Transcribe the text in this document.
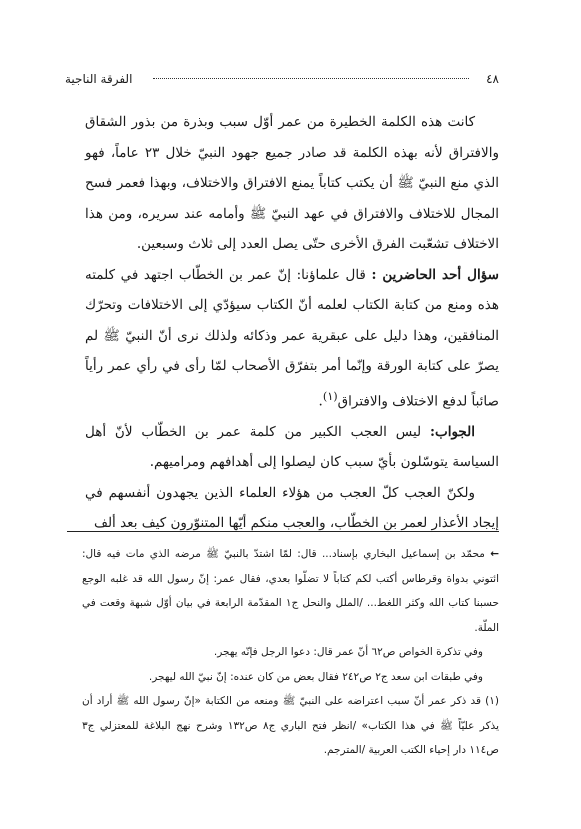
٤٨
الفرقة الناجية

كانت هذه الكلمة الخطيرة من عمر أوّل سبب وبذرة من بذور الشقاق والافتراق لأنه بهذه الكلمة قد صادر جميع جهود النبيّ خلال ٢٣ عاماً، فهو الذي منع النبيّ ﷺ أن يكتب كتاباً يمنع الافتراق والاختلاف، وبهذا فعمر فسح المجال للاختلاف والافتراق في عهد النبيّ ﷺ وأمامه عند سريره، ومن هذا الاختلاف تشعّبت الفرق الأخرى حتّى يصل العدد إلى ثلاث وسبعين.

سؤال أحد الحاضرين : قال علماؤنا: إنّ عمر بن الخطّاب اجتهد في كلمته هذه ومنع من كتابة الكتاب لعلمه أنّ الكتاب سيؤدّي إلى الاختلافات وتحرّك المنافقين، وهذا دليل على عبقرية عمر وذكائه ولذلك نرى أنّ النبيّ ﷺ لم يصرّ على كتابة الورقة وإنّما أمر بتفرّق الأصحاب لمّا رأى في رأي عمر رأياً صائباً لدفع الاختلاف والافتراق$^{(١)}$.

الجواب: ليس العجب الكبير من كلمة عمر بن الخطّاب لأنّ أهل السياسة يتوسّلون بأيّ سبب كان ليصلوا إلى أهدافهم ومراميهم.

ولكنّ العجب كلّ العجب من هؤلاء العلماء الذين يجهدون أنفسهم في إيجاد الأعذار لعمر بن الخطّاب، والعجب منكم أيّها المتنوّرون كيف بعد ألف

← محمّد بن إسماعيل البخاري بإسناد... قال: لمّا اشتدّ بالنبيّ ﷺ مرضه الذي مات فيه قال: ائتوني بدواة وقرطاس أكتب لكم كتاباً لا تضلّوا بعدي، فقال عمر: إنّ رسول الله قد غلبه الوجع حسبنا كتاب الله وكثر اللغط... /الملل والنحل ج١ المقدّمة الرابعة في بيان أوّل شبهة وقعت في الملّة.

وفي تذكرة الخواص ص٦٢ أنّ عمر قال: دعوا الرجل فإنّه يهجر.

وفي طبقات ابن سعد ج٢ ص٢٤٢ فقال بعض من كان عنده: إنّ نبيّ الله ليهجر.

(١) قد ذكر عمر أنّ سبب اعتراضه على النبيّ ﷺ ومنعه من الكتابة «إنّ رسول الله ﷺ أراد أن يذكر عليّاً ﷺ في هذا الكتاب» /انظر فتح الباري ج٨ ص١٣٢ وشرح نهج البلاغة للمعتزلي ج٣ ص١١٤ دار إحياء الكتب العربية /المترجم.
